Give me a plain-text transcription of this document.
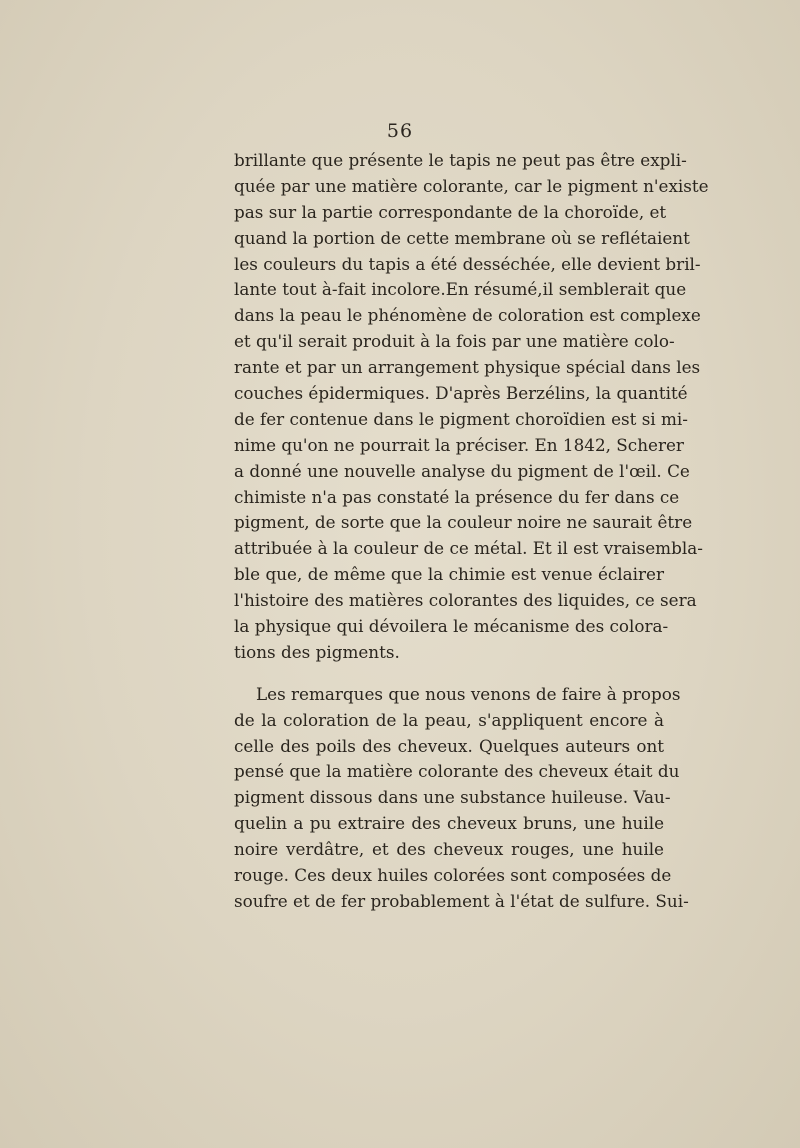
56
brillante que présente le tapis ne peut pas être expli-
quée par une matière colorante, car le pigment n'existe
pas sur la partie correspondante de la choroïde, et
quand la portion de cette membrane où se reflétaient
les couleurs du tapis a été desséchée, elle devient bril-
lante tout à-fait incolore.En résumé,il semblerait que
dans la peau le phénomène de coloration est complexe
et qu'il serait produit à la fois par une matière colo-
rante et par un arrangement physique spécial dans les
couches épidermiques. D'après Berzélins, la quantité
de fer contenue dans le pigment choroïdien est si mi-
nime qu'on ne pourrait la préciser. En 1842, Scherer
a donné une nouvelle analyse du pigment de l'œil. Ce
chimiste n'a pas constaté la présence du fer dans ce
pigment, de sorte que la couleur noire ne saurait être
attribuée à la couleur de ce métal. Et il est vraisembla-
ble que, de même que la chimie est venue éclairer
l'histoire des matières colorantes des liquides, ce sera
la physique qui dévoilera le mécanisme des colora-
tions des pigments.
Les remarques que nous venons de faire à propos
de la coloration de la peau, s'appliquent encore à
celle des poils des cheveux. Quelques auteurs ont
pensé que la matière colorante des cheveux était du
pigment dissous dans une substance huileuse. Vau-
quelin a pu extraire des cheveux bruns, une huile
noire verdâtre, et des cheveux rouges, une huile
rouge. Ces deux huiles colorées sont composées de
soufre et de fer probablement à l'état de sulfure. Sui-
